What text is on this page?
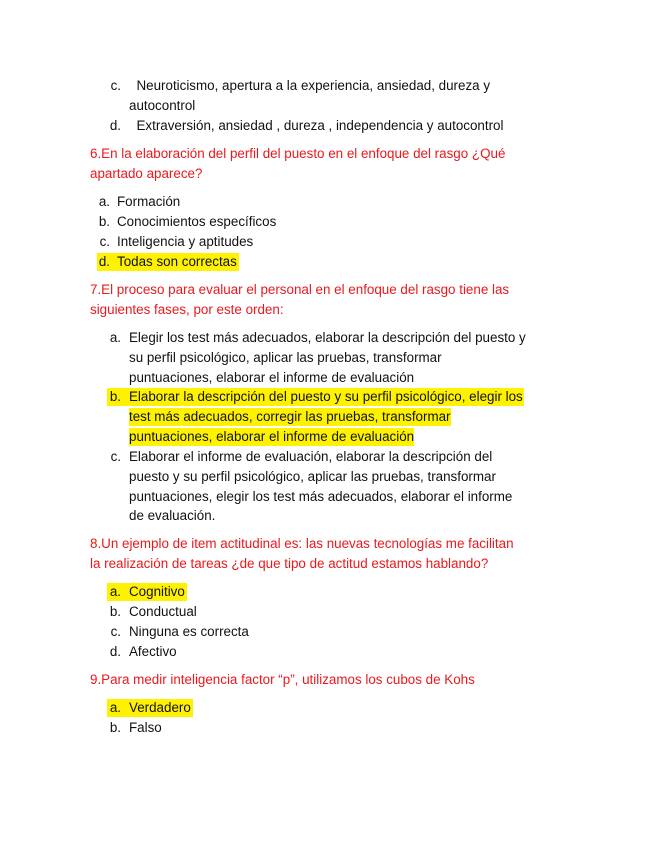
c. Neuroticismo, apertura a la experiencia, ansiedad, dureza y
autocontrol
d. Extraversión, ansiedad , dureza , independencia y autocontrol
6.En la elaboración del perfil del puesto en el enfoque del rasgo ¿Qué
apartado aparece?
a. Formación
b. Conocimientos específicos
c. Inteligencia y aptitudes
d. Todas son correctas
7.El proceso para evaluar el personal en el enfoque del rasgo tiene las
siguientes fases, por este orden:
a. Elegir los test más adecuados, elaborar la descripción del puesto y
su perfil psicológico, aplicar las pruebas, transformar
puntuaciones, elaborar el informe de evaluación
b. Elaborar la descripción del puesto y su perfil psicológico, elegir los
test más adecuados, corregir las pruebas, transformar
puntuaciones, elaborar el informe de evaluación
c. Elaborar el informe de evaluación, elaborar la descripción del
puesto y su perfil psicológico, aplicar las pruebas, transformar
puntuaciones, elegir los test más adecuados, elaborar el informe
de evaluación.
8.Un ejemplo de item actitudinal es: las nuevas tecnologías me facilitan
la realización de tareas ¿de que tipo de actitud estamos hablando?
a. Cognitivo
b. Conductual
c. Ninguna es correcta
d. Afectivo
9.Para medir inteligencia factor “p”, utilizamos los cubos de Kohs
a. Verdadero
b. Falso
